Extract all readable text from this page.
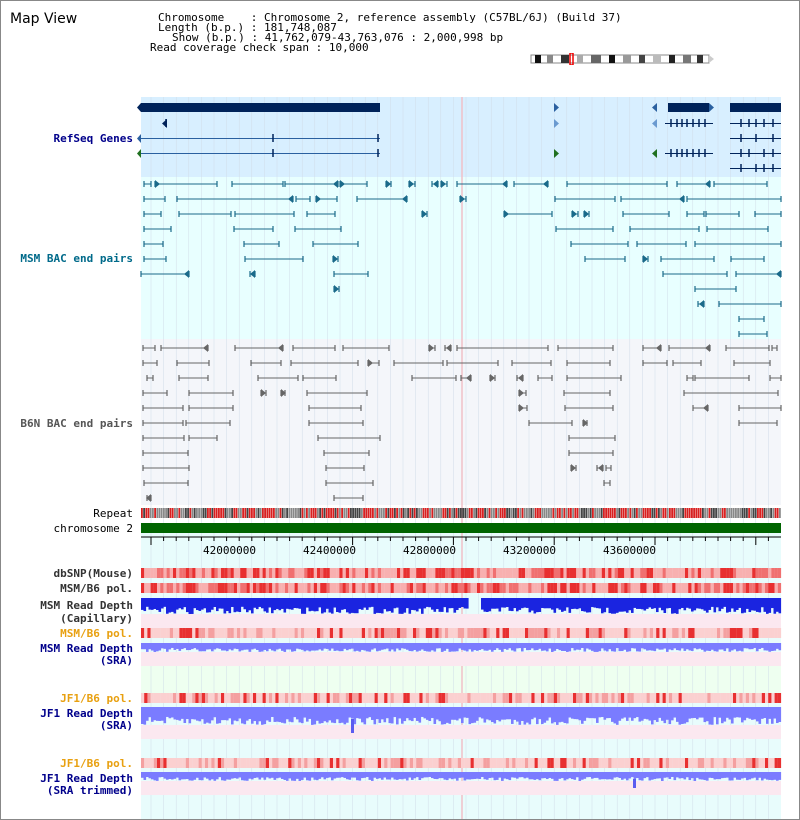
Map View	Chromosome    : Chromosome 2, reference assembly (C57BL/6J) (Build 37)
Length (b.p.) : 181,748,087
Show (b.p.) : 41,762,079-43,763,076 : 2,000,998 bp
Read coverage check span : 10,000
RefSeq Genes
MSM BAC end pairs
B6N BAC end pairs
Repeat
chromosome 2
dbSNP(Mouse)
MSM/B6 pol.
MSM Read Depth
(Capillary)
MSM/B6 pol.
MSM Read Depth
(SRA)
JF1/B6 pol.
JF1 Read Depth
(SRA)
JF1/B6 pol.
JF1 Read Depth
(SRA trimmed)
42000000	42400000	42800000	43200000	43600000
